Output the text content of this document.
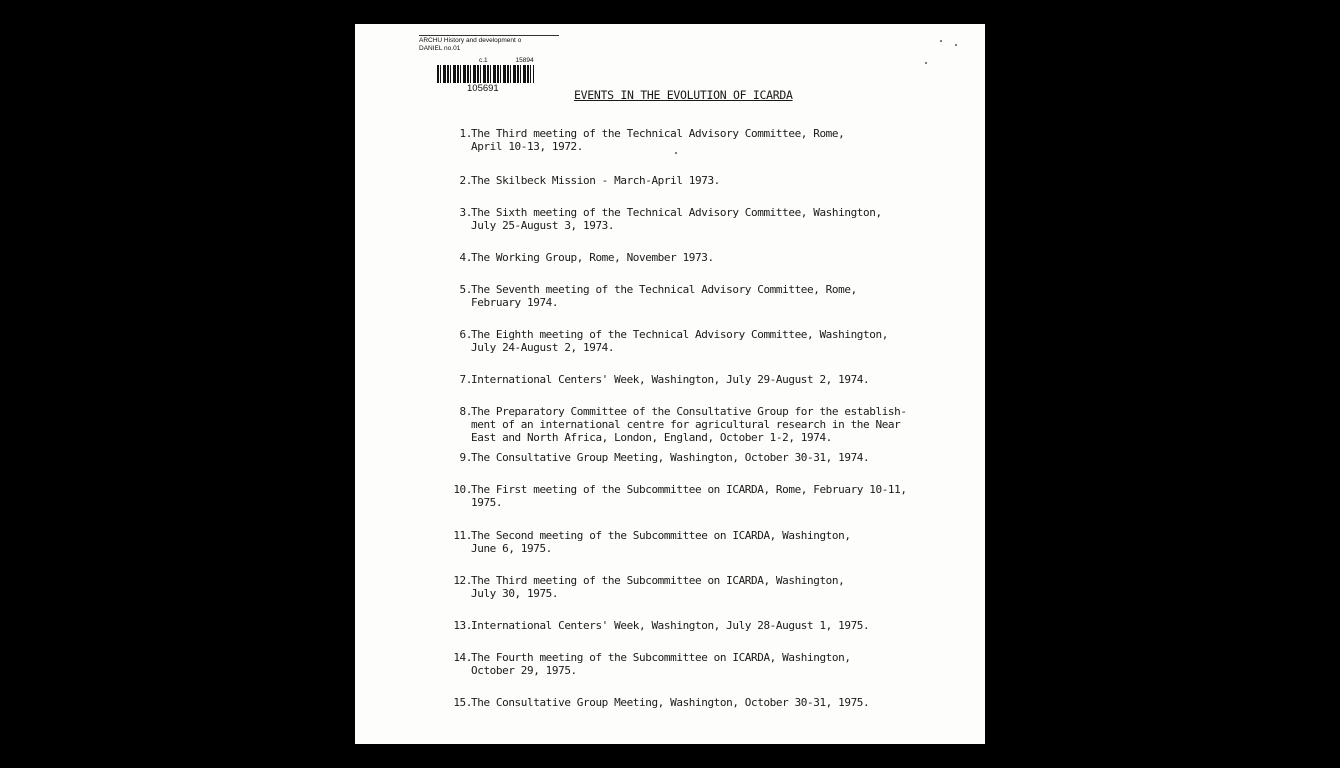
ARCHU History and development o
DANIEL no.01
c.1	15894
105691	EVENTS IN THE EVOLUTION OF ICARDA
1. The Third meeting of the Technical Advisory Committee, Rome,
April 10-13, 1972.
2. The Skilbeck Mission - March-April 1973.
3. The Sixth meeting of the Technical Advisory Committee, Washington,
July 25-August 3, 1973.
4. The Working Group, Rome, November 1973.
5. The Seventh meeting of the Technical Advisory Committee, Rome,
February 1974.
6. The Eighth meeting of the Technical Advisory Committee, Washington,
July 24-August 2, 1974.
7. International Centers' Week, Washington, July 29-August 2, 1974.
8. The Preparatory Committee of the Consultative Group for the establish-
ment of an international centre for agricultural research in the Near
East and North Africa, London, England, October 1-2, 1974.
9. The Consultative Group Meeting, Washington, October 30-31, 1974.
10. The First meeting of the Subcommittee on ICARDA, Rome, February 10-11,
1975.
11. The Second meeting of the Subcommittee on ICARDA, Washington,
June 6, 1975.
12. The Third meeting of the Subcommittee on ICARDA, Washington,
July 30, 1975.
13. International Centers' Week, Washington, July 28-August 1, 1975.
14. The Fourth meeting of the Subcommittee on ICARDA, Washington,
October 29, 1975.
15. The Consultative Group Meeting, Washington, October 30-31, 1975.
